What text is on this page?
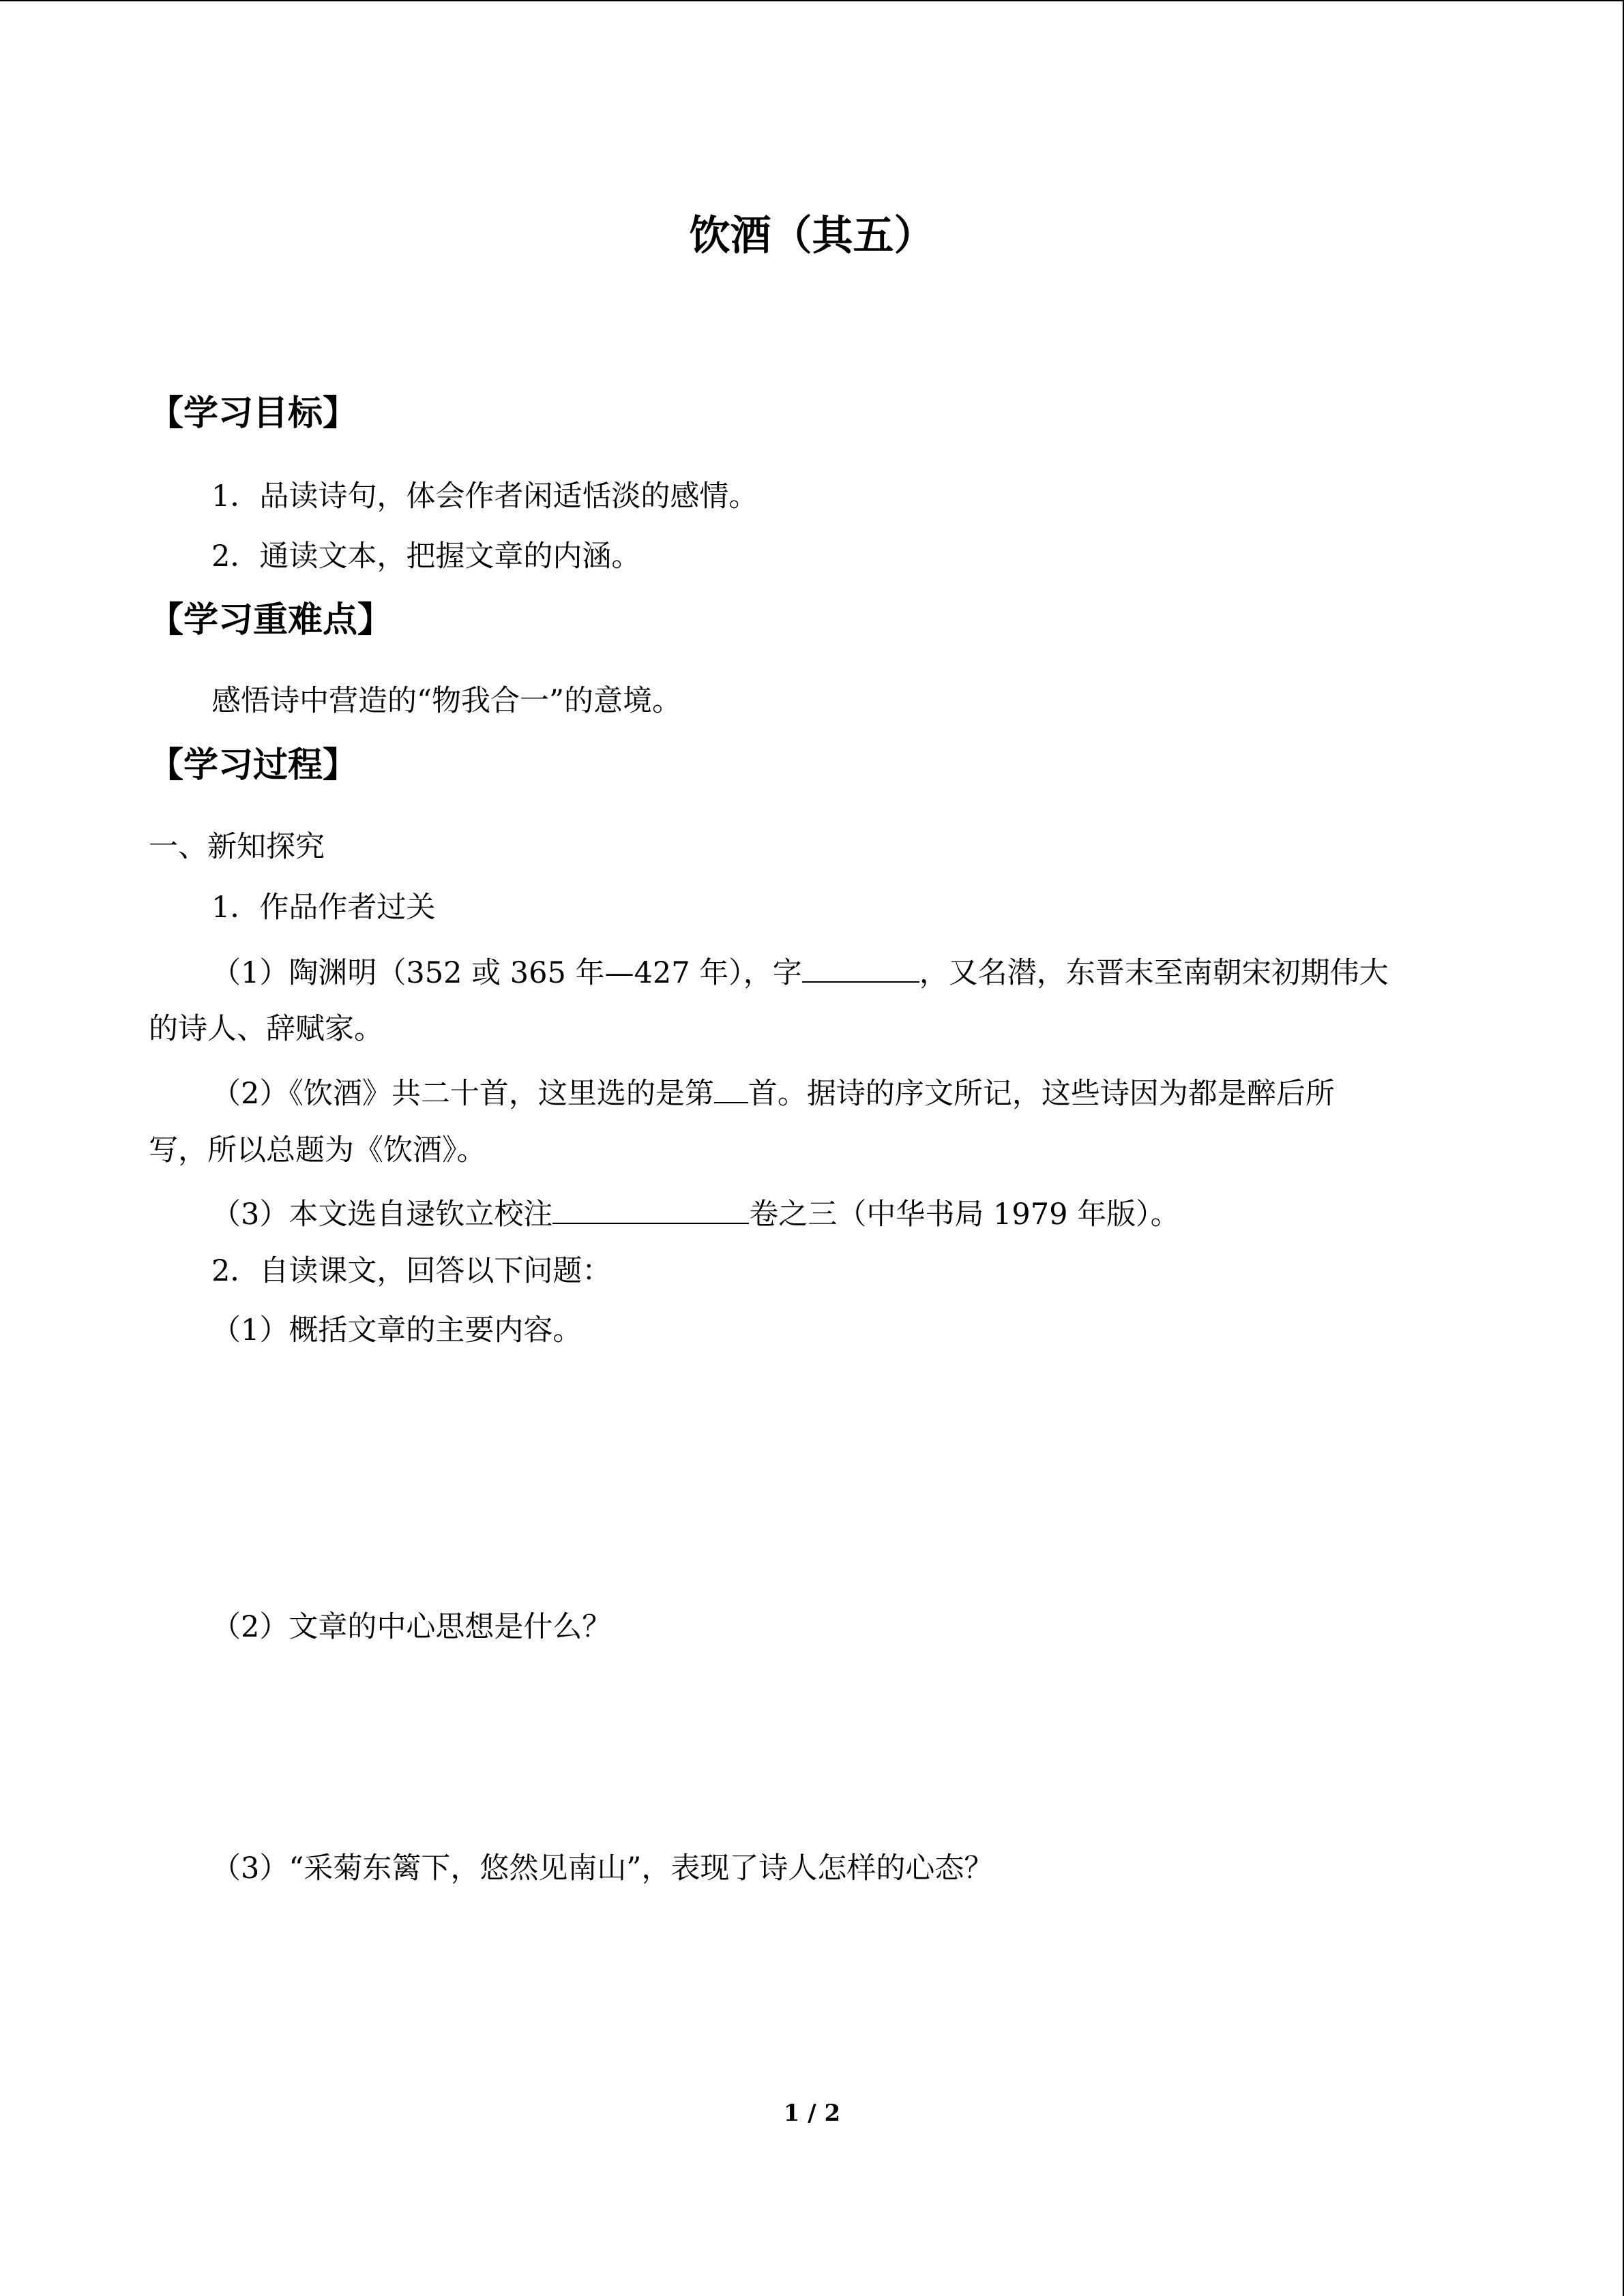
饮酒（其五）
【学习目标】
1．品读诗句，体会作者闲适恬淡的感情。
2．通读文本，把握文章的内涵。
【学习重难点】
感悟诗中营造的“物我合一”的意境。
【学习过程】
一、新知探究
1．作品作者过关
（1）陶渊明（352 或 365 年—427 年），字	，又名潜，东晋末至南朝宋初期伟大
的诗人、辞赋家。
（2）《饮酒》共二十首，这里选的是第 首。据诗的序文所记，这些诗因为都是醉后所
写，所以总题为《饮酒》。
（3）本文选自逯钦立校注	卷之三（中华书局 1979 年版）。
2．自读课文，回答以下问题：
（1）概括文章的主要内容。
（2）文章的中心思想是什么？
（3）“采菊东篱下，悠然见南山”，表现了诗人怎样的心态？
1 / 2
